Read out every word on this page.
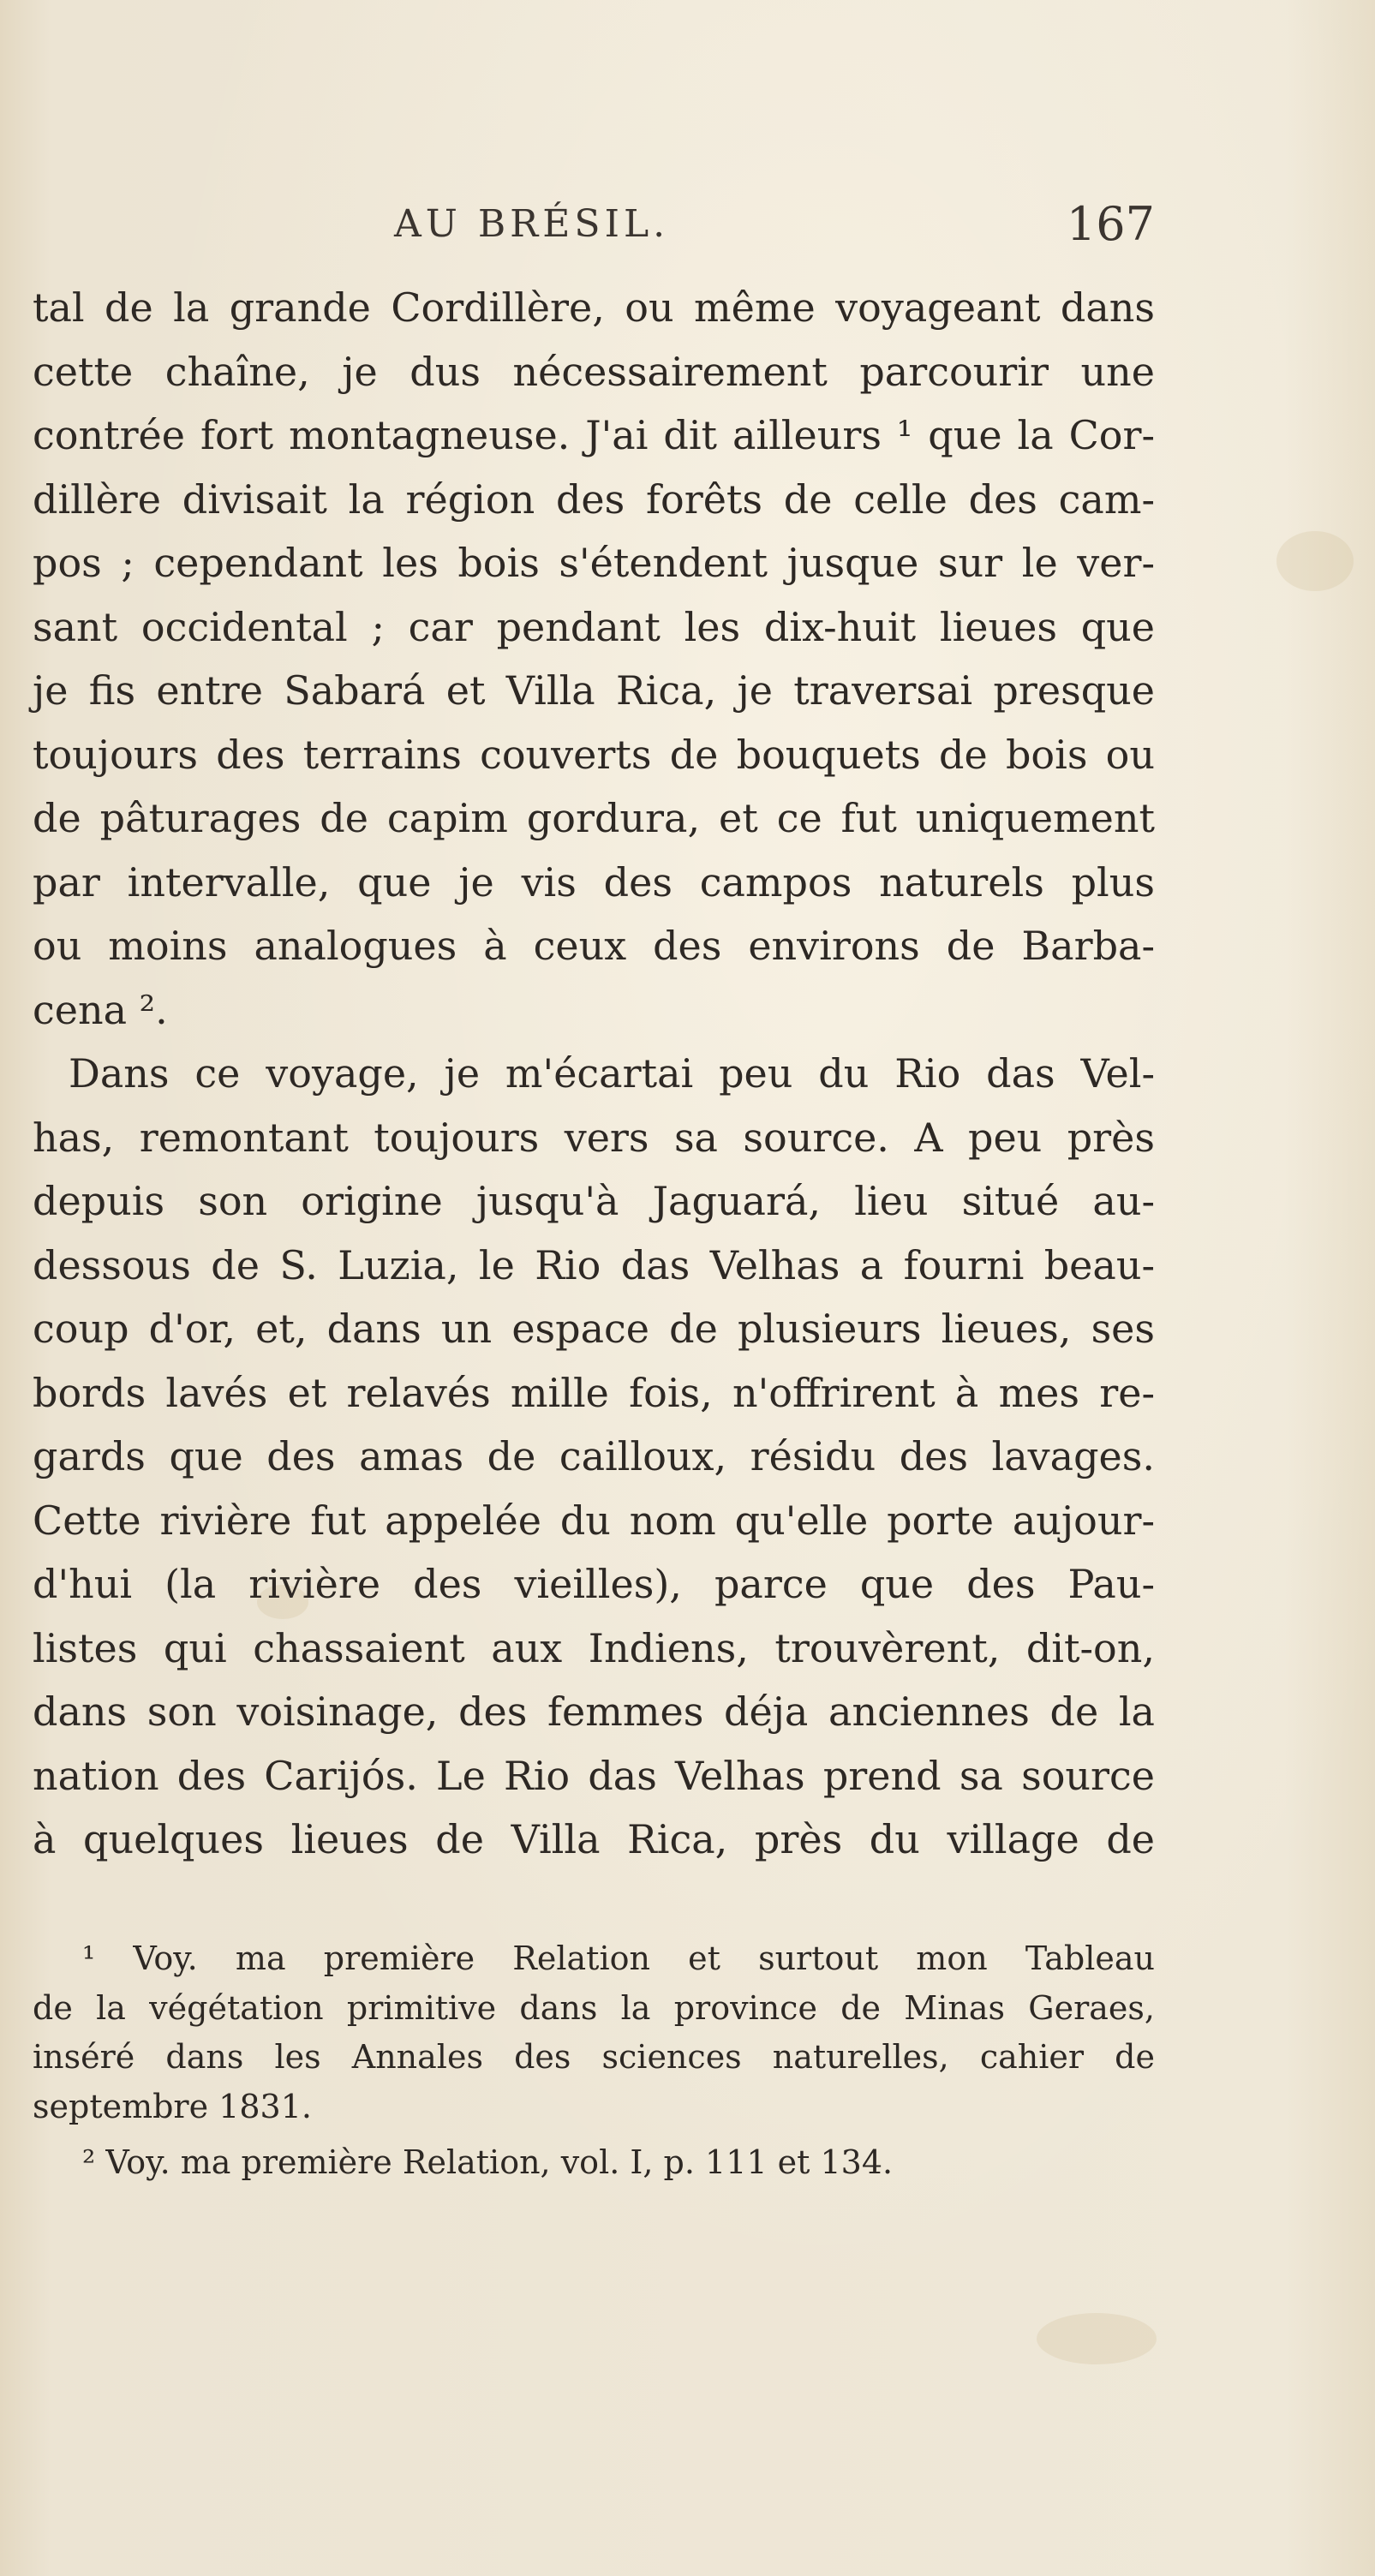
AU BRÉSIL.	167
tal de la grande Cordillère, ou même voyageant dans
cette chaîne, je dus nécessairement parcourir une
contrée fort montagneuse. J'ai dit ailleurs ¹ que la Cor-
dillère divisait la région des forêts de celle des cam-
pos ; cependant les bois s'étendent jusque sur le ver-
sant occidental ; car pendant les dix-huit lieues que
je fis entre Sabará et Villa Rica, je traversai presque
toujours des terrains couverts de bouquets de bois ou
de pâturages de capim gordura, et ce fut uniquement
par intervalle, que je vis des campos naturels plus
ou moins analogues à ceux des environs de Barba-
cena ².
Dans ce voyage, je m'écartai peu du Rio das Vel-
has, remontant toujours vers sa source. A peu près
depuis son origine jusqu'à Jaguará, lieu situé au-
dessous de S. Luzia, le Rio das Velhas a fourni beau-
coup d'or, et, dans un espace de plusieurs lieues, ses
bords lavés et relavés mille fois, n'offrirent à mes re-
gards que des amas de cailloux, résidu des lavages.
Cette rivière fut appelée du nom qu'elle porte aujour-
d'hui (la rivière des vieilles), parce que des Pau-
listes qui chassaient aux Indiens, trouvèrent, dit-on,
dans son voisinage, des femmes déja anciennes de la
nation des Carijós. Le Rio das Velhas prend sa source
à quelques lieues de Villa Rica, près du village de
¹ Voy. ma première Relation et surtout mon Tableau
de la végétation primitive dans la province de Minas Geraes,
inséré dans les Annales des sciences naturelles, cahier de
septembre 1831.
² Voy. ma première Relation, vol. I, p. 111 et 134.
